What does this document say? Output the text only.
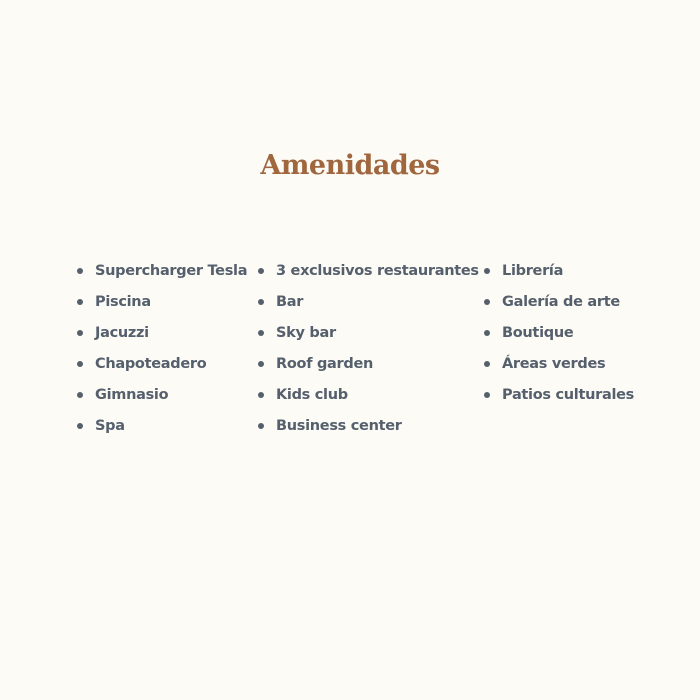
Amenidades
Supercharger Tesla
Piscina
Jacuzzi
Chapoteadero
Gimnasio
Spa
3 exclusivos restaurantes
Bar
Sky bar
Roof garden
Kids club
Business center
Librería
Galería de arte
Boutique
Áreas verdes
Patios culturales
